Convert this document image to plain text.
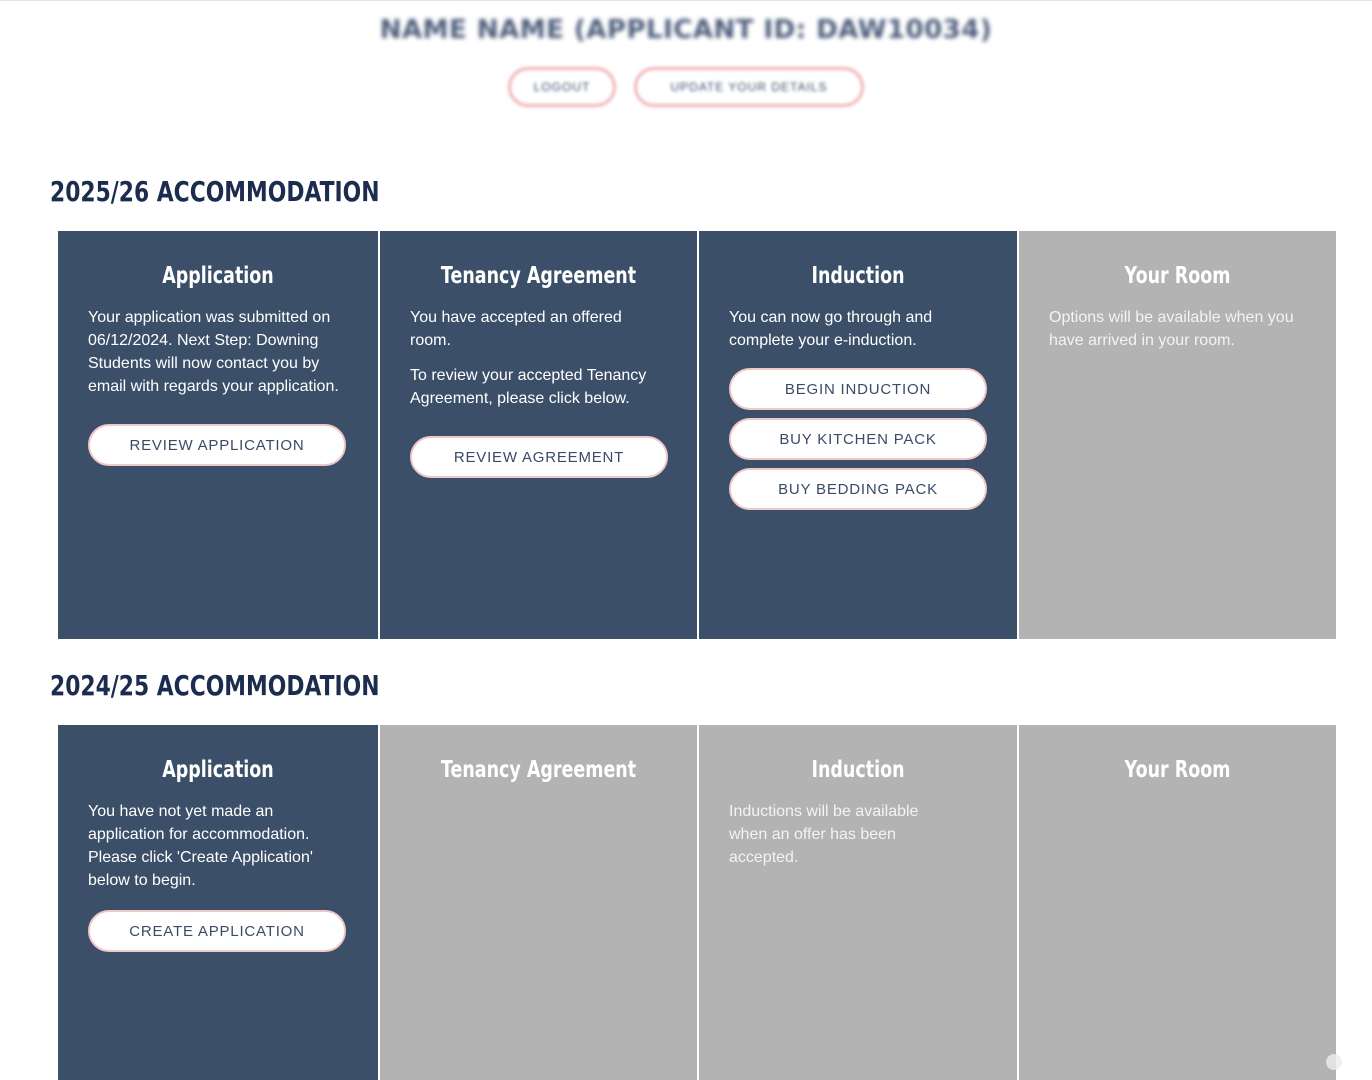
NAME NAME (APPLICANT ID: DAW10034)
LOGOUT	UPDATE YOUR DETAILS
2025/26 ACCOMMODATION
Application
Your application was submitted on 06/12/2024. Next Step: Downing Students will now contact you by email with regards your application.
REVIEW APPLICATION
Tenancy Agreement
You have accepted an offered room.
To review your accepted Tenancy Agreement, please click below.
REVIEW AGREEMENT
Induction
You can now go through and complete your e-induction.
BEGIN INDUCTION
BUY KITCHEN PACK
BUY BEDDING PACK
Your Room
Options will be available when you have arrived in your room.
2024/25 ACCOMMODATION
Application
You have not yet made an application for accommodation. Please click 'Create Application' below to begin.
CREATE APPLICATION
Tenancy Agreement	Induction
Inductions will be available when an offer has been accepted.
Your Room
